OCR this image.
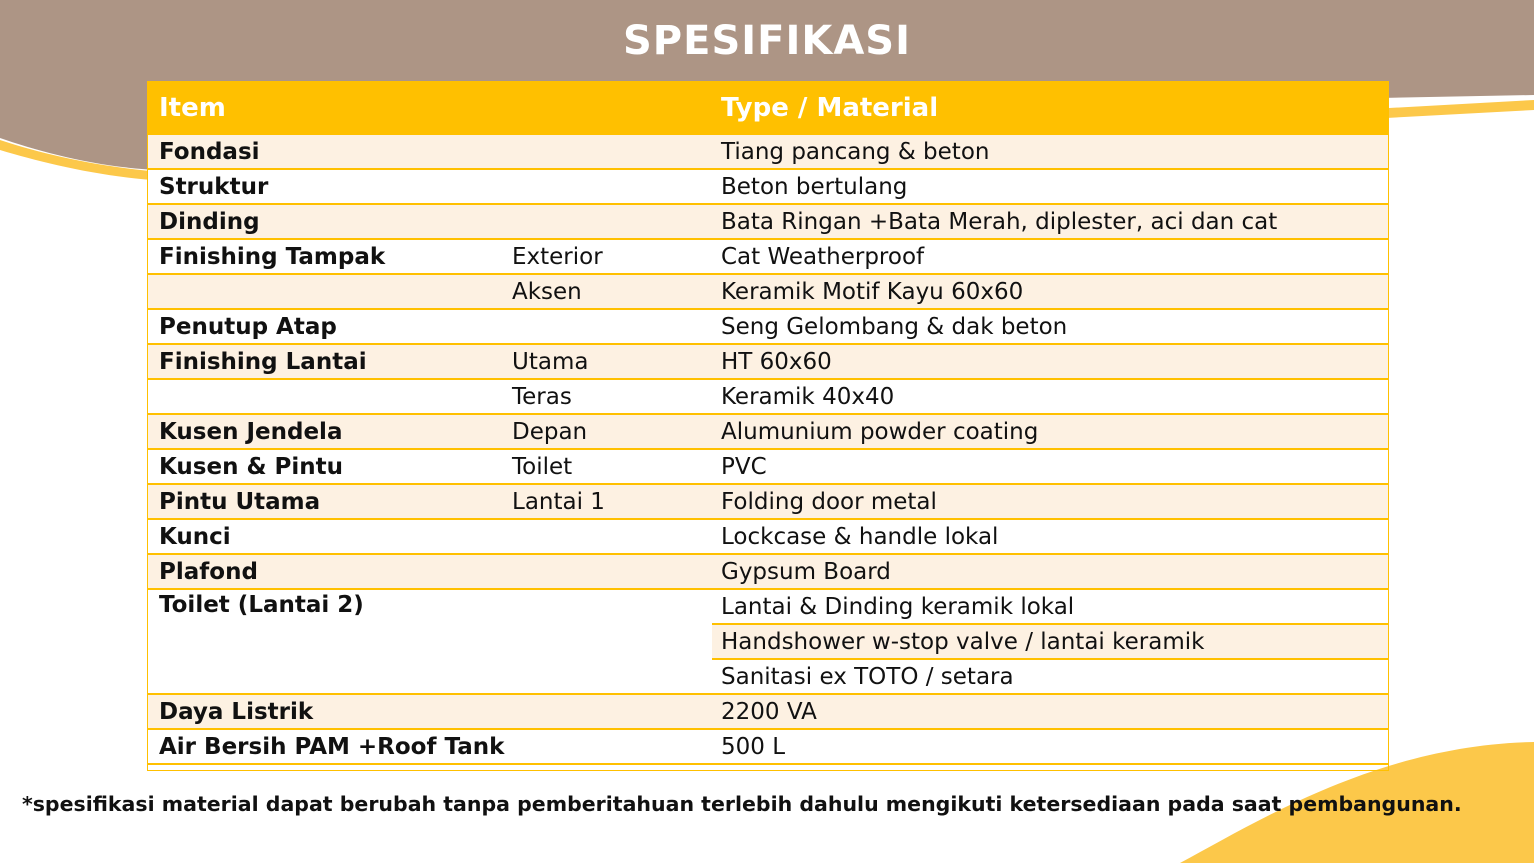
SPESIFIKASI
Item		Type / Material
Fondasi		Tiang pancang & beton
Struktur		Beton bertulang
Dinding		Bata Ringan +Bata Merah, diplester, aci dan cat
Finishing Tampak	Exterior	Cat Weatherproof
	Aksen	Keramik Motif Kayu 60x60
Penutup Atap		Seng Gelombang & dak beton
Finishing Lantai	Utama	HT 60x60
	Teras	Keramik 40x40
Kusen Jendela	Depan	Alumunium powder coating
Kusen & Pintu	Toilet	PVC
Pintu Utama	Lantai 1	Folding door metal
Kunci		Lockcase & handle lokal
Plafond		Gypsum Board
Toilet (Lantai 2)		Lantai & Dinding keramik lokal
		Handshower w-stop valve / lantai keramik
		Sanitasi ex TOTO / setara
Daya Listrik		2200 VA
Air Bersih PAM +Roof Tank		500 L
*spesifikasi material dapat berubah tanpa pemberitahuan terlebih dahulu mengikuti ketersediaan pada saat pembangunan.
